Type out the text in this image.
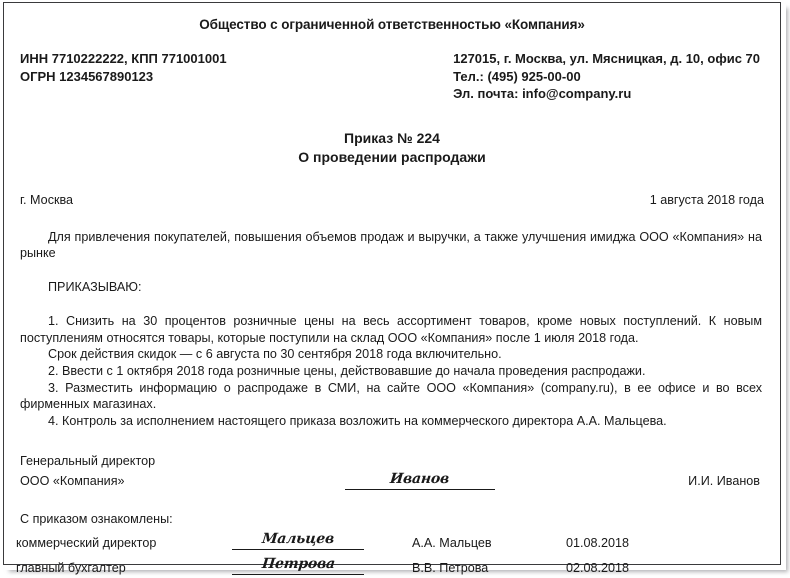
Общество с ограниченной ответственностью «Компания»
ИНН 7710222222, КПП 771001001
ОГРН 1234567890123
127015, г. Москва, ул. Мясницкая, д. 10, офис 70
Тел.: (495) 925-00-00
Эл. почта: info@company.ru
Приказ № 224
О проведении распродажи
г. Москва	1 августа 2018 года

Для привлечения покупателей, повышения объемов продаж и выручки, а также улучшения имиджа ООО «Компания» на рынке

ПРИКАЗЫВАЮ:

1. Снизить на 30 процентов розничные цены на весь ассортимент товаров, кроме новых поступлений. К новым поступлениям относятся товары, которые поступили на склад ООО «Компания» после 1 июля 2018 года.

Срок действия скидок — с 6 августа по 30 сентября 2018 года включительно.

2. Ввести с 1 октября 2018 года розничные цены, действовавшие до начала проведения распродажи.

3. Разместить информацию о распродаже в СМИ, на сайте ООО «Компания» (company.ru), в ее офисе и во всех фирменных магазинах.

4. Контроль за исполнением настоящего приказа возложить на коммерческого директора А.А. Мальцева.

Генеральный директор
ООО «Компания»	Иванов	И.И. Иванов
С приказом ознакомлены:
коммерческий директор	Мальцев	А.А. Мальцев	01.08.2018
главный бухгалтер	Петрова	В.В. Петрова	02.08.2018
